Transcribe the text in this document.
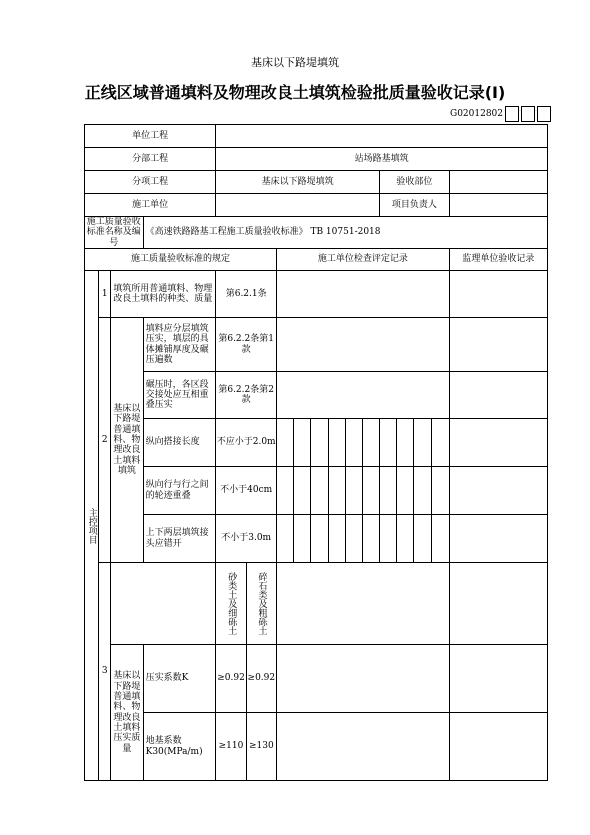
基床以下路堤填筑
正线区域普通填料及物理改良土填筑检验批质量验收记录(Ⅰ)
G02012802
单位工程																
分部工程				站场路基填筑												
分项工程				基床以下路堤填筑								验收部位				
施工单位												项目负责人				
施工质量验收标准名称及编号			《高速铁路路基工程施工质量验收标准》 TB 10751-2018													
施工质量验收标准的规定						施工单位检查评定记录										监理单位验收记录
主控项目	1	填筑所用普通填料、物理改良土填料的种类、质量		第6.2.1条												
	2	基床以下路堤普通填料、物理改良土填料填筑	填料应分层填筑压实，填层的具体摊铺厚度及碾压遍数	第6.2.2条第1款												
			碾压时，各区段交接处应互相重叠压实	第6.2.2条第2款												
			纵向搭接长度	不应小于2.0m												
			纵向行与行之间的轮迹重叠	不小于40cm												
			上下两层填筑接头应错开	不小于3.0m												
	3			砂类土及细砾土	碎石类及粗砾土											
		基床以下路堤普通填料、物理改良土填料压实质量	压实系数K	≥0.92	≥0.92											
			地基系数K30(MPa/m)	≥110	≥130											
